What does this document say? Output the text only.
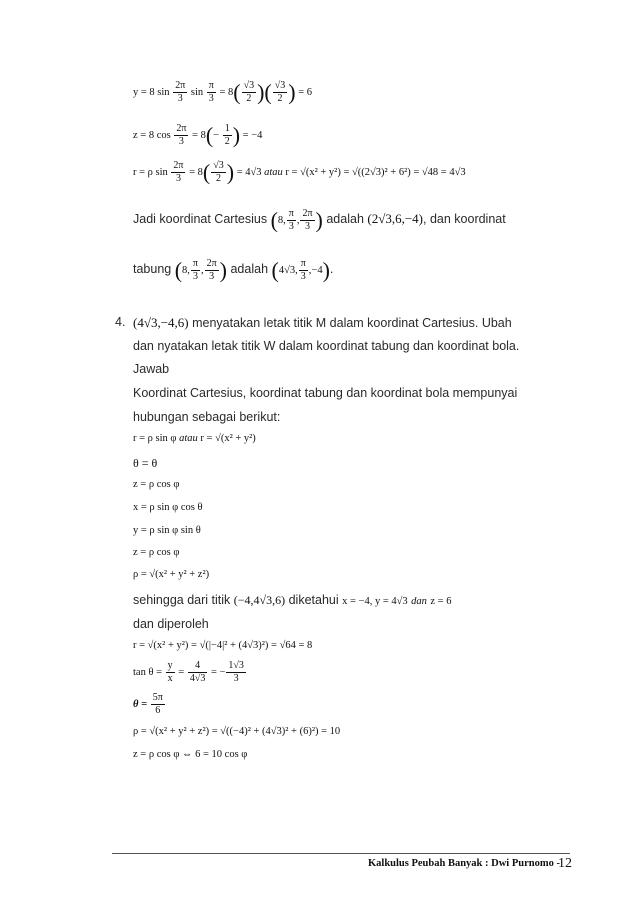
y = 8 $\sin \frac{2\pi}{3}$ $\sin \frac{\pi}{3} = 8( \frac{√3}{2}$ )( $\frac{√3}{2}$ ) = 6
z = 8 $\cos \frac{2\pi}{3} = 8(- \frac{1}{2}$ ) = −4
r = ρ $\sin \frac{2\pi}{3} = 8( \frac{√3}{2}$ ) = 4√3 atau r = √(x² + y²) = √((2√3)² + 6²) = √48 = 4√3
Jadi koordinat Cartesius (8, $\frac{\pi}{3}$ , $\frac{2\pi}{3}$ ) adalah (2√3,6,−4), dan koordinat
tabung (8, $\frac{\pi}{3}$ , $\frac{2\pi}{3}$ ) adalah (4√3, $\frac{\pi}{3} ,-4$).
4. (4√3,−4,6) menyatakan letak titik M dalam koordinat Cartesius. Ubah
dan nyatakan letak titik W dalam koordinat tabung dan koordinat bola.
Jawab
Koordinat Cartesius, koordinat tabung dan koordinat bola mempunyai
hubungan sebagai berikut:
r = ρ sin φ atau r = √(x² + y²)
θ = θ
z = ρ cos φ
x = ρ sin φ cos θ
y = ρ sin φ sin θ
z = ρ cos φ
ρ = √(x² + y² + z²)
sehingga dari titik (−4,4√3,6) diketahui x = −4, y = 4√3 dan z = 6
dan diperoleh
r = √(x² + y²) = √(|−4|² + (4√3)²) = √64 = 8
$\tan \theta = \frac{y}{x} = \frac{4}{4√3}$ = − $\frac{1√3}{3}$
$\theta = \frac{5\pi}{6}$
ρ = √(x² + y² + z²) = √((−4)² + (4√3)² + (6)²) = 10
z = ρ cos φ ⇔ 6 = 10 cos φ
Kalkulus Peubah Banyak : Dwi Purnomo -
12
